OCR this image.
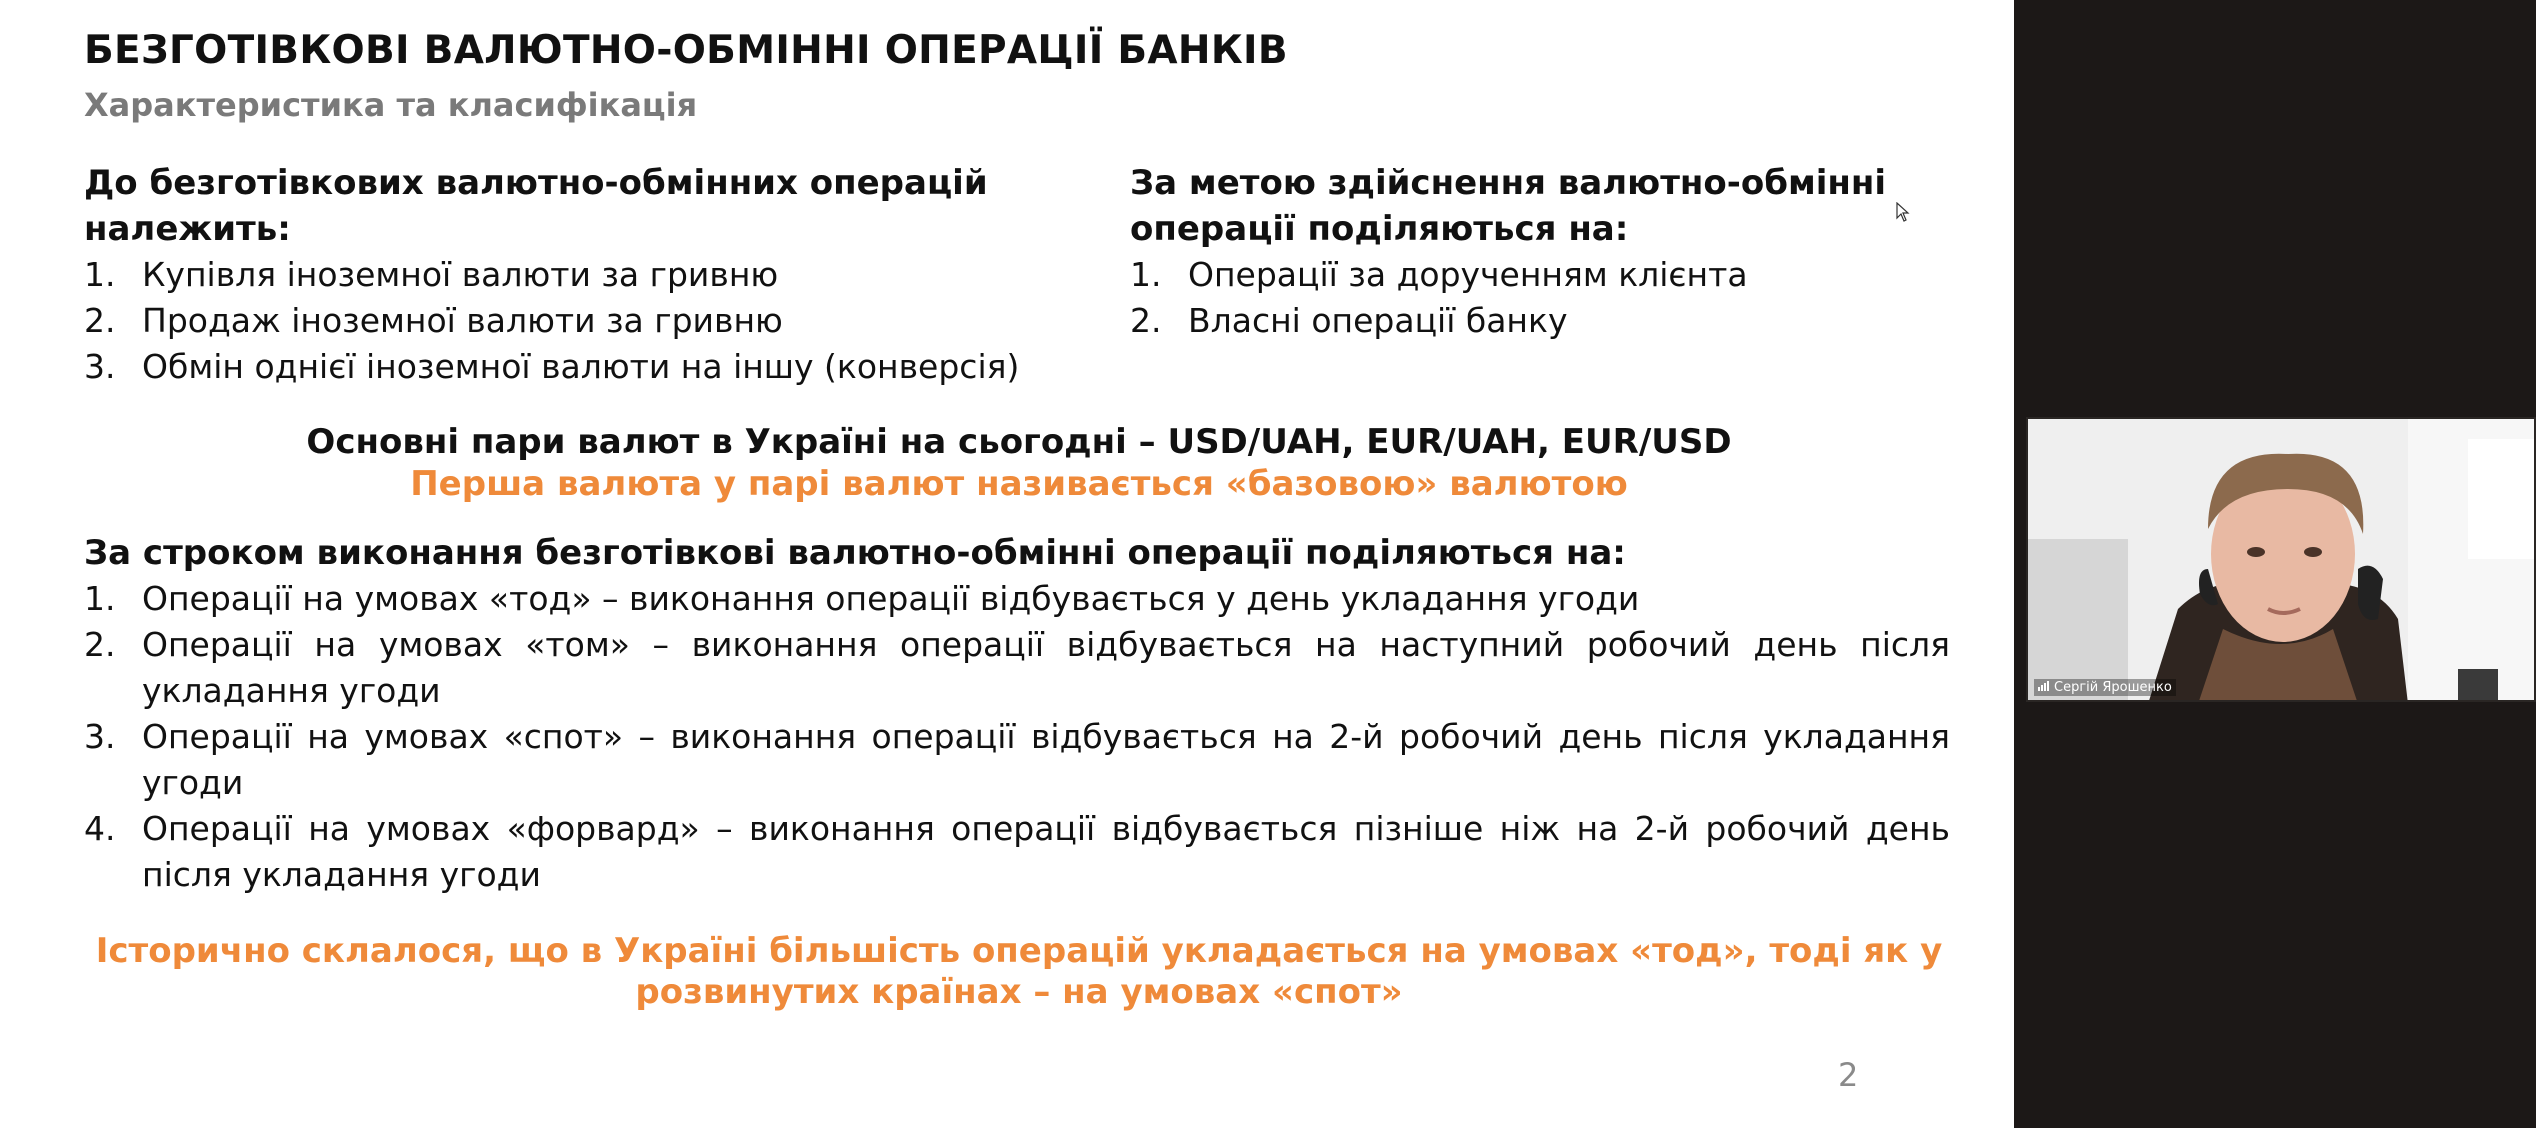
БЕЗГОТІВКОВІ ВАЛЮТНО-ОБМІННІ ОПЕРАЦІЇ БАНКІВ
Характеристика та класифікація
До безготівкових валютно-обмінних операцій
належить:
1. Купівля іноземної валюти за гривню
2. Продаж іноземної валюти за гривню
3. Обмін однієї іноземної валюти на іншу (конверсія)
За метою здійснення валютно-обмінні
операції поділяються на:
1. Операції за дорученням клієнта
2. Власні операції банку
Основні пари валют в Україні на сьогодні – USD/UAH, EUR/UAH, EUR/USD
Перша валюта у парі валют називається «базовою» валютою
За строком виконання безготівкові валютно-обмінні операції поділяються на:
1. Операції на умовах «тод» – виконання операції відбувається у день укладання угоди
2. Операції на умовах «том» – виконання операції відбувається на наступний робочий день після укладання угоди
3. Операції на умовах «спот» – виконання операції відбувається на 2-й робочий день після укладання угоди
4. Операції на умовах «форвард» – виконання операції відбувається пізніше ніж на 2-й робочий день після укладання угоди
Історично склалося, що в Україні більшість операцій укладається на умовах «тод», тоді як у
розвинутих країнах – на умовах «спот»
2
Сергій Ярошенко
